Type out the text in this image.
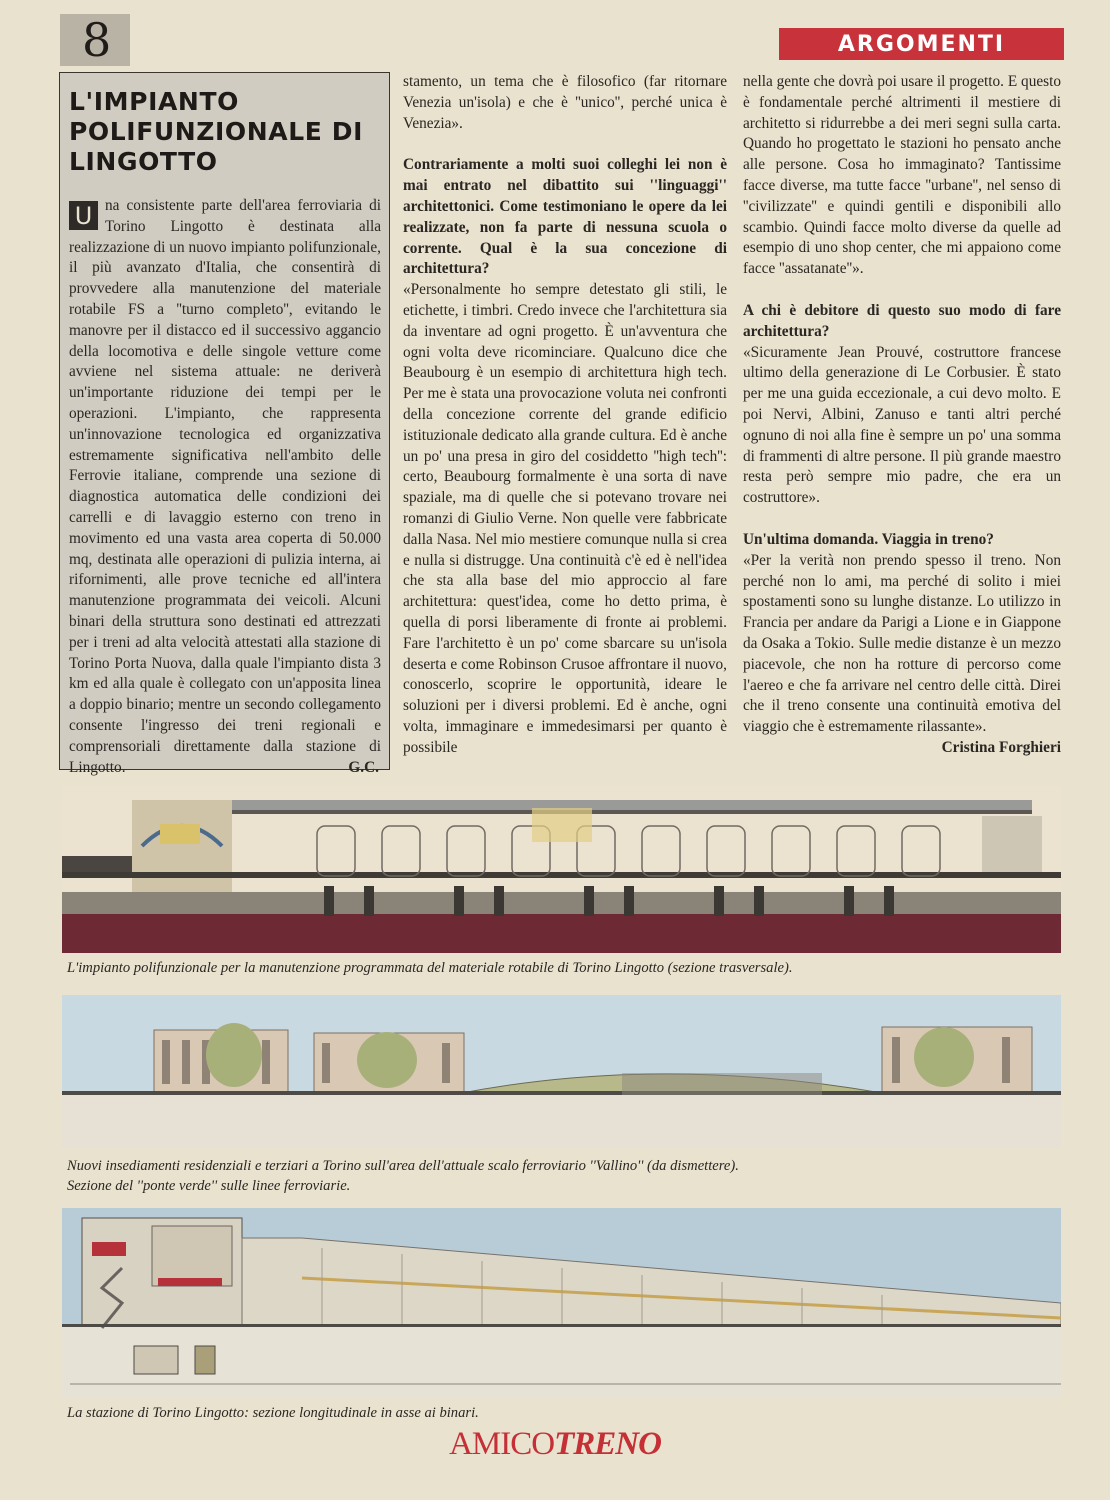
8	ARGOMENTI
L'IMPIANTO POLIFUNZIONALE DI LINGOTTO

U na consistente parte dell'area ferroviaria di Torino Lingotto è destinata alla realizzazione di un nuovo impianto polifunzionale, il più avanzato d'Italia, che consentirà di provvedere alla manutenzione del materiale rotabile FS a ''turno completo'', evitando le manovre per il distacco ed il successivo aggancio della locomotiva e delle singole vetture come avviene nel sistema attuale: ne deriverà un'importante riduzione dei tempi per le operazioni. L'impianto, che rappresenta un'innovazione tecnologica ed organizzativa estremamente significativa nell'ambito delle Ferrovie italiane, comprende una sezione di diagnostica automatica delle condizioni dei carrelli e di lavaggio esterno con treno in movimento ed una vasta area coperta di 50.000 mq, destinata alle operazioni di pulizia interna, ai rifornimenti, alle prove tecniche ed all'intera manutenzione programmata dei veicoli. Alcuni binari della struttura sono destinati ed attrezzati per i treni ad alta velocità attestati alla stazione di Torino Porta Nuova, dalla quale l'impianto dista 3 km ed alla quale è collegato con un'apposita linea a doppio binario; mentre un secondo collegamento consente l'ingresso dei treni regionali e comprensoriali direttamente dalla stazione di Lingotto.	G.C.

stamento, un tema che è filosofico (far ritornare Venezia un'isola) e che è ''unico'', perché unica è Venezia».

Contrariamente a molti suoi colleghi lei non è mai entrato nel dibattito sui ''linguaggi'' architettonici. Come testimoniano le opere da lei realizzate, non fa parte di nessuna scuola o corrente. Qual è la sua concezione di architettura?

«Personalmente ho sempre detestato gli stili, le etichette, i timbri. Credo invece che l'architettura sia da inventare ad ogni progetto. È un'avventura che ogni volta deve ricominciare. Qualcuno dice che Beaubourg è un esempio di architettura high tech. Per me è stata una provocazione voluta nei confronti della concezione corrente del grande edificio istituzionale dedicato alla grande cultura. Ed è anche un po' una presa in giro del cosiddetto ''high tech'': certo, Beaubourg formalmente è una sorta di nave spaziale, ma di quelle che si potevano trovare nei romanzi di Giulio Verne. Non quelle vere fabbricate dalla Nasa. Nel mio mestiere comunque nulla si crea e nulla si distrugge. Una continuità c'è ed è nell'idea che sta alla base del mio approccio al fare architettura: quest'idea, come ho detto prima, è quella di porsi liberamente di fronte ai problemi. Fare l'architetto è un po' come sbarcare su un'isola deserta e come Robinson Crusoe affrontare il nuovo, conoscerlo, scoprire le opportunità, ideare le soluzioni per i diversi problemi. Ed è anche, ogni volta, immaginare e immedesimarsi per quanto è possibile

nella gente che dovrà poi usare il progetto. E questo è fondamentale perché altrimenti il mestiere di architetto si ridurrebbe a dei meri segni sulla carta. Quando ho progettato le stazioni ho pensato anche alle persone. Cosa ho immaginato? Tantissime facce diverse, ma tutte facce ''urbane'', nel senso di ''civilizzate'' e quindi gentili e disponibili allo scambio. Quindi facce molto diverse da quelle ad esempio di uno shop center, che mi appaiono come facce ''assatanate''».

A chi è debitore di questo suo modo di fare architettura?

«Sicuramente Jean Prouvé, costruttore francese ultimo della generazione di Le Corbusier. È stato per me una guida eccezionale, a cui devo molto. E poi Nervi, Albini, Zanuso e tanti altri perché ognuno di noi alla fine è sempre un po' una somma di frammenti di altre persone. Il più grande maestro resta però sempre mio padre, che era un costruttore».

Un'ultima domanda. Viaggia in treno?

«Per la verità non prendo spesso il treno. Non perché non lo ami, ma perché di solito i miei spostamenti sono su lunghe distanze. Lo utilizzo in Francia per andare da Parigi a Lione e in Giappone da Osaka a Tokio. Sulle medie distanze è un mezzo piacevole, che non ha rotture di percorso come l'aereo e che fa arrivare nel centro delle città. Direi che il treno consente una continuità emotiva del viaggio che è estremamente rilassante».

Cristina Forghieri

L'impianto polifunzionale per la manutenzione programmata del materiale rotabile di Torino Lingotto (sezione trasversale).
Nuovi insediamenti residenziali e terziari a Torino sull'area dell'attuale scalo ferroviario ''Vallino'' (da dismettere).
Sezione del ''ponte verde'' sulle linee ferroviarie.
La stazione di Torino Lingotto: sezione longitudinale in asse ai binari.
AMICOTRENO
